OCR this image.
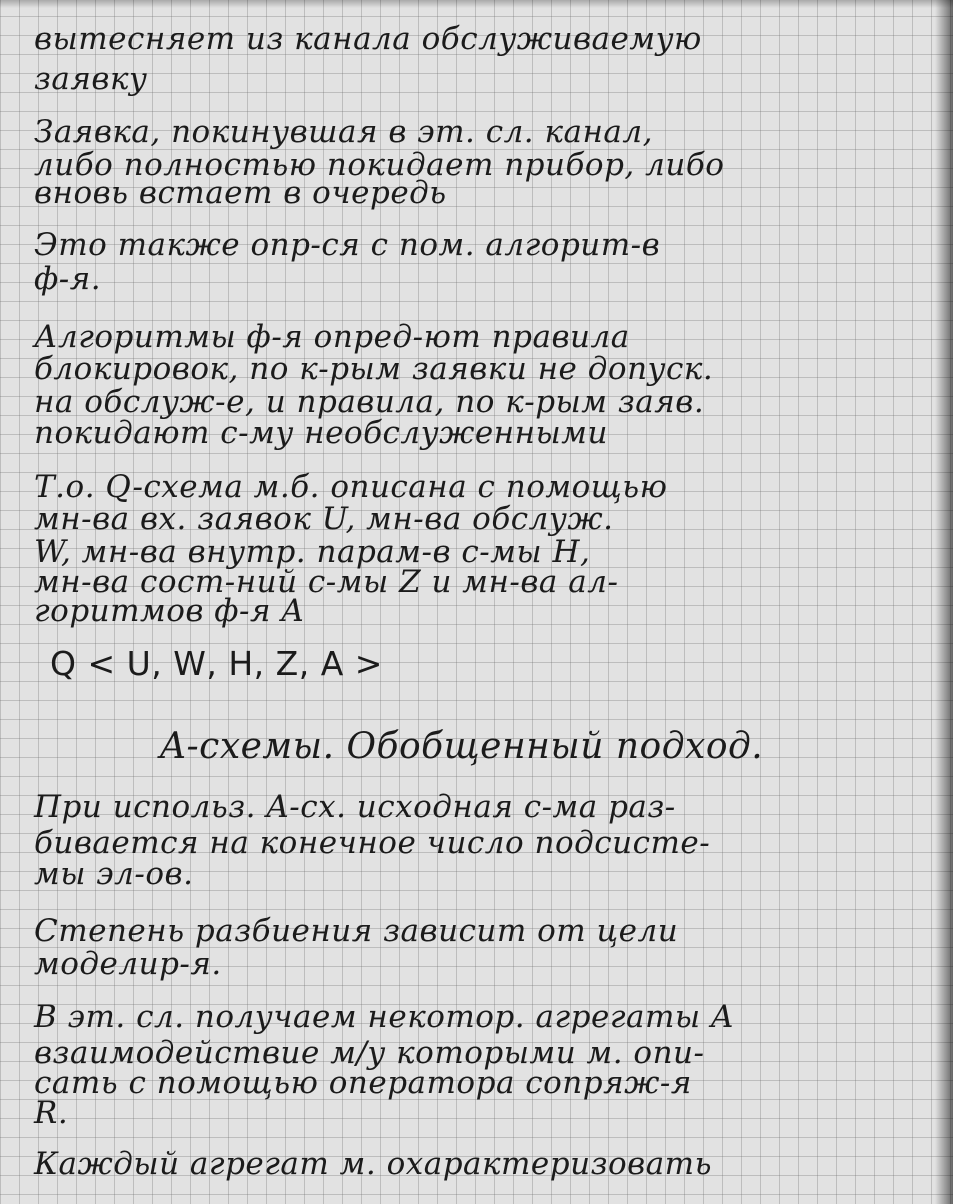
вытесняет из канала обслуживаемую

заявку

Заявка, покинувшая в эт. сл. канал,

либо полностью покидает прибор, либо

вновь встает в очередь

Это также опр-ся с пом. алгорит-в

ф-я.

Алгоритмы ф-я опред-ют правила

блокировок, по к-рым заявки не допуск.

на обслуж-е, и правила, по к-рым заяв.

покидают с-му необслуженными

Т.о. Q-схема м.б. описана с помощью

мн-ва вх. заявок U, мн-ва обслуж.

W, мн-ва внутр. парам-в с-мы H,

мн-ва сост-ний с-мы Z и мн-ва ал-

горитмов ф-я A

Q < U, W, H, Z, A >

A-схемы. Обобщенный подход.

При использ. A-сх. исходная с-ма раз-

бивается на конечное число подсисте-

мы эл-ов.

Степень разбиения зависит от цели

моделир-я.

В эт. сл. получаем некотор. агрегаты A

взаимодействие м/у которыми м. опи-

сать с помощью оператора сопряж-я

R.

Каждый агрегат м. охарактеризовать
